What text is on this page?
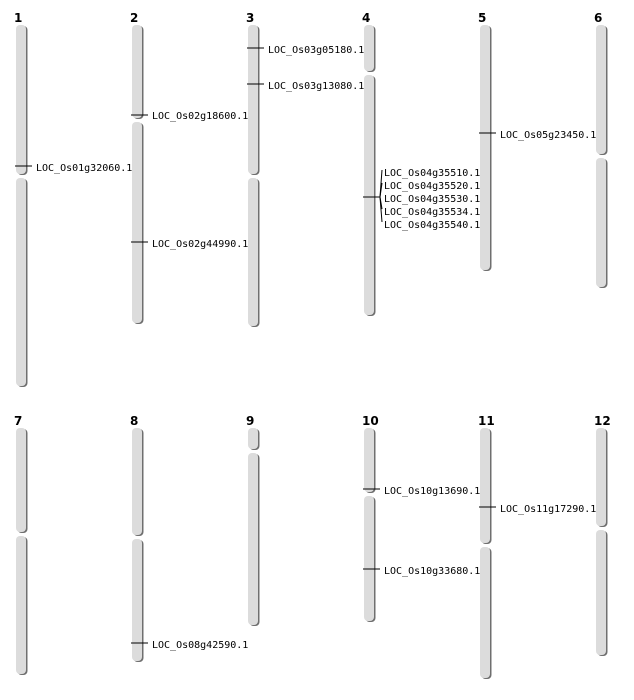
1
LOC_Os01g32060.1
2
LOC_Os02g18600.1
LOC_Os02g44990.1
3
LOC_Os03g05180.1
LOC_Os03g13080.1
4
LOC_Os04g35510.1
LOC_Os04g35520.1
LOC_Os04g35530.1
LOC_Os04g35534.1
LOC_Os04g35540.1
5
LOC_Os05g23450.1
6
7	8
LOC_Os08g42590.1
9	10
LOC_Os10g13690.1
LOC_Os10g33680.1
11
LOC_Os11g17290.1
12
